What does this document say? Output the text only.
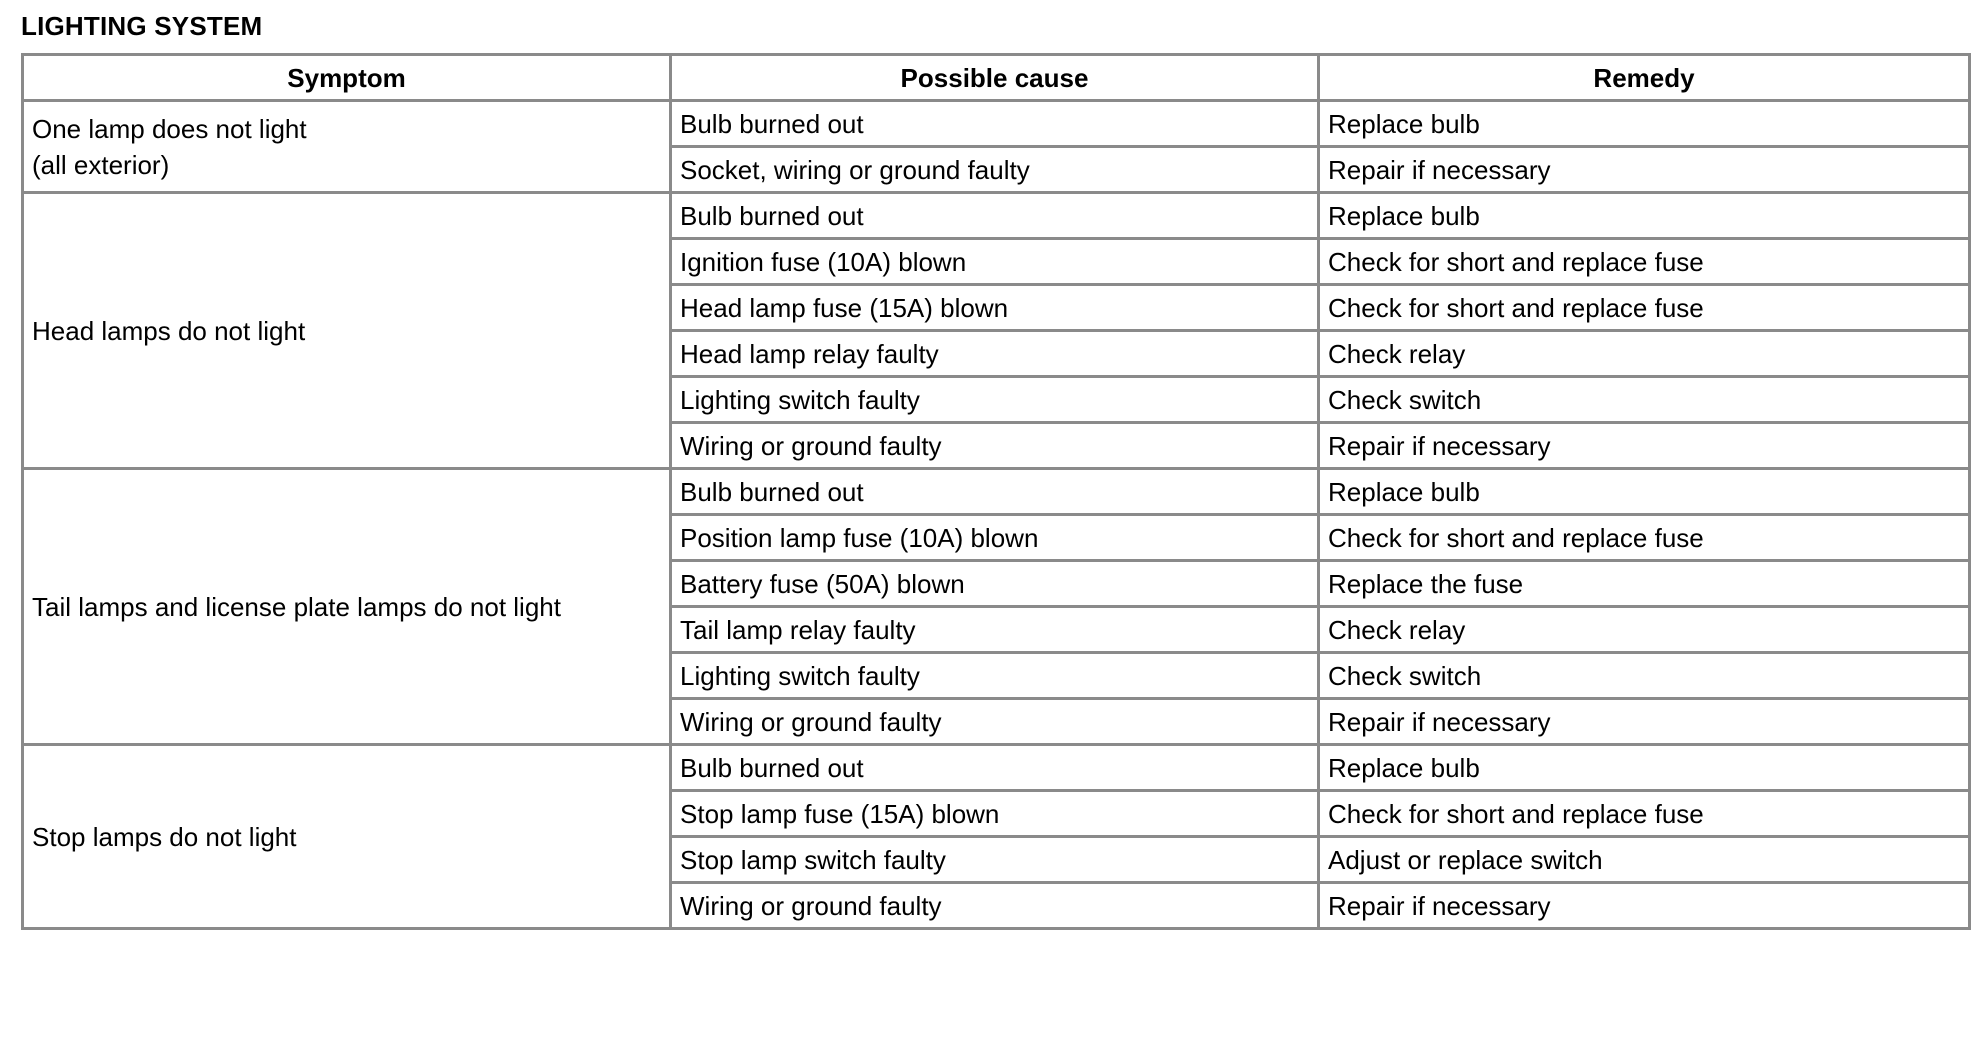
LIGHTING SYSTEM
Symptom	Possible cause	Remedy

One lamp does not light
(all exterior)	Bulb burned out	Replace bulb
	Socket, wiring or ground faulty	Repair if necessary

Head lamps do not light	Bulb burned out	Replace bulb
	Ignition fuse (10A) blown	Check for short and replace fuse
	Head lamp fuse (15A) blown	Check for short and replace fuse
	Head lamp relay faulty	Check relay
	Lighting switch faulty	Check switch
	Wiring or ground faulty	Repair if necessary

Tail lamps and license plate lamps do not light	Bulb burned out	Replace bulb
	Position lamp fuse (10A) blown	Check for short and replace fuse
	Battery fuse (50A) blown	Replace the fuse
	Tail lamp relay faulty	Check relay
	Lighting switch faulty	Check switch
	Wiring or ground faulty	Repair if necessary

Stop lamps do not light	Bulb burned out	Replace bulb
	Stop lamp fuse (15A) blown	Check for short and replace fuse
	Stop lamp switch faulty	Adjust or replace switch
	Wiring or ground faulty	Repair if necessary
